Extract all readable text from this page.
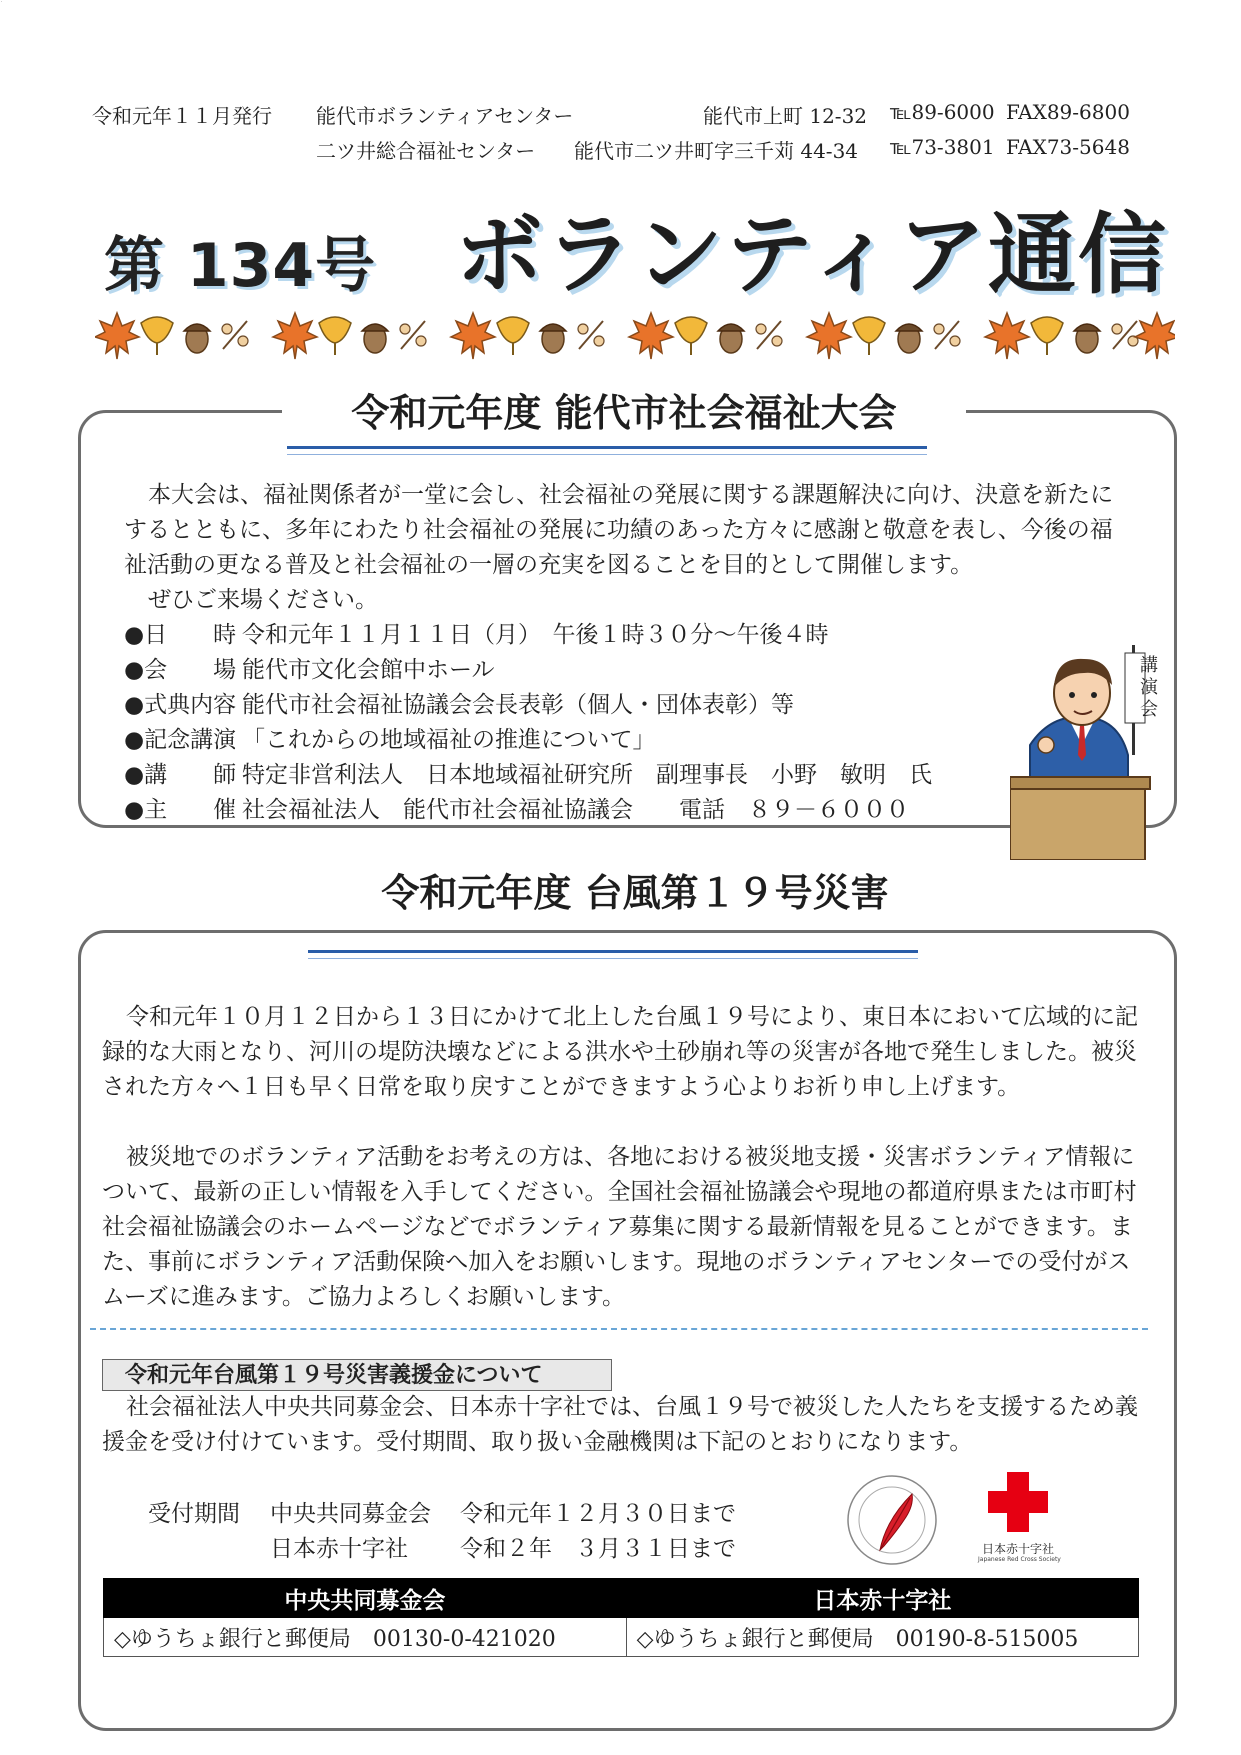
令和元年１１月発行 能代市ボランティアセンター	能代市上町 12-32 ℡89-6000 FAX89-6800
二ツ井総合福祉センター 能代市二ツ井町字三千苅 44-34 ℡73-3801 FAX73-5648
第 134号 ボランティア通信
令和元年度 能代市社会福祉大会
本大会は、福祉関係者が一堂に会し、社会福祉の発展に関する課題解決に向け、決意を新たにするとともに、多年にわたり社会福祉の発展に功績のあった方々に感謝と敬意を表し、今後の福祉活動の更なる普及と社会福祉の一層の充実を図ることを目的として開催します。
ぜひご来場ください。
●日　　時 令和元年１１月１１日（月）　午後１時３０分～午後４時
●会　　場 能代市文化会館中ホール
●式典内容 能代市社会福祉協議会会長表彰（個人・団体表彰）等
●記念講演 「これからの地域福祉の推進について」
●講　　師 特定非営利法人　日本地域福祉研究所　副理事長　小野　敏明　氏
●主　　催 社会福祉法人　能代市社会福祉協議会　　電話　８９－６０００
講演会
令和元年度 台風第１９号災害
令和元年１０月１２日から１３日にかけて北上した台風１９号により、東日本において広域的に記録的な大雨となり、河川の堤防決壊などによる洪水や土砂崩れ等の災害が各地で発生しました。被災された方々へ１日も早く日常を取り戻すことができますよう心よりお祈り申し上げます。
被災地でのボランティア活動をお考えの方は、各地における被災地支援・災害ボランティア情報について、最新の正しい情報を入手してください。全国社会福祉協議会や現地の都道府県または市町村社会福祉協議会のホームページなどでボランティア募集に関する最新情報を見ることができます。また、事前にボランティア活動保険へ加入をお願いします。現地のボランティアセンターでの受付がスムーズに進みます。ご協力よろしくお願いします。
令和元年台風第１９号災害義援金について
社会福祉法人中央共同募金会、日本赤十字社では、台風１９号で被災した人たちを支援するため義援金を受け付けています。受付期間、取り扱い金融機関は下記のとおりになります。
受付期間 中央共同募金会 令和元年１２月３０日まで
日本赤十字社 令和２年　３月３１日まで
じ
日本赤十字社
Japanese Red Cross Society
中央共同募金会	日本赤十字社
◇ゆうちょ銀行と郵便局　00130-0-421020	◇ゆうちょ銀行と郵便局　00190-8-515005
